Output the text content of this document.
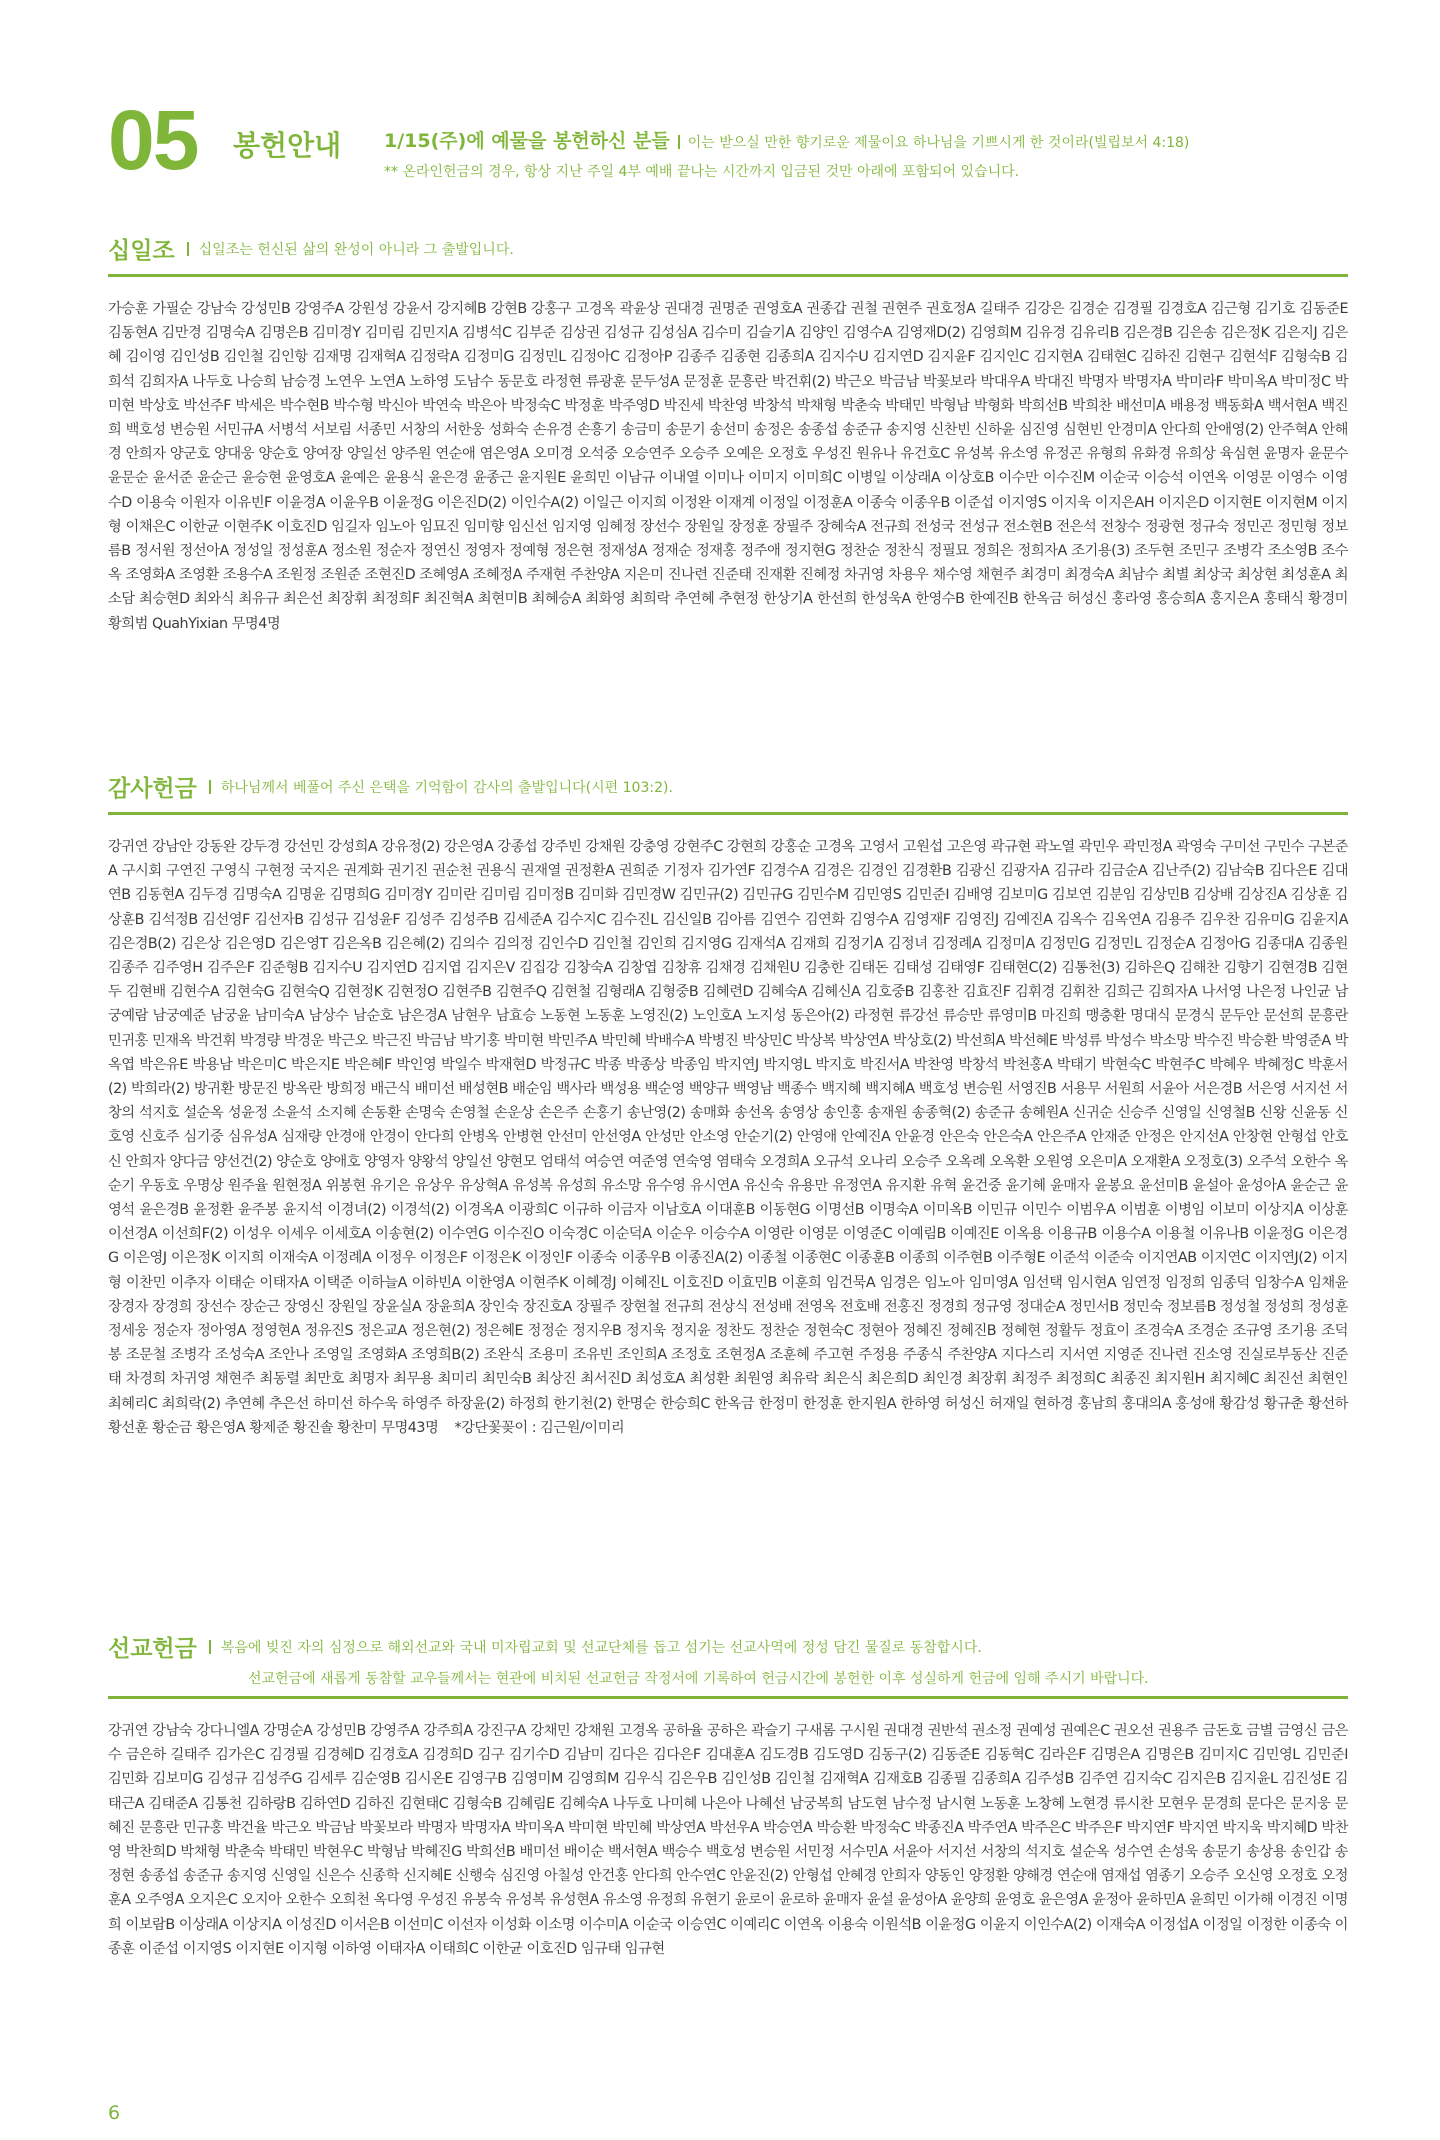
05 봉헌안내 1/15(주)에 예물을 봉헌하신 분들 이는 받으실 만한 향기로운 제물이요 하나님을 기쁘시게 한 것이라(빌립보서 4:18)
** 온라인헌금의 경우, 항상 지난 주일 4부 예배 끝나는 시간까지 입금된 것만 아래에 포함되어 있습니다.
십일조 십일조는 헌신된 삶의 완성이 아니라 그 출발입니다.
가승훈 가필순 강남숙 강성민B 강영주A 강원성 강윤서 강지혜B 강현B 강홍구 고경옥 곽윤상 권대경 권명준 권영호A 권종갑 권철 권현주 권호정A 길태주 김강은 김경순 김경필 김경호A 김근형 김기호 김동준E 김동현A 김만경 김명숙A 김명은B 김미경Y 김미림 김민지A 김병석C 김부준 김상권 김성규 김성심A 김수미 김슬기A 김양인 김영수A 김영재D(2) 김영희M 김유경 김유리B 김은경B 김은송 김은정K 김은지J 김은혜 김이영 김인성B 김인철 김인항 김재명 김재혁A 김정락A 김정미G 김정민L 김정아C 김정아P 김종주 김종현 김종희A 김지수U 김지연D 김지윤F 김지인C 김지현A 김태현C 김하진 김현구 김현석F 김형숙B 김희석 김희자A 나두호 나승희 남승경 노연우 노연A 노하영 도남수 동문호 라정현 류광훈 문두성A 문정훈 문흥란 박건휘(2) 박근오 박금남 박꽃보라 박대우A 박대진 박명자 박명자A 박미라F 박미옥A 박미정C 박미현 박상호 박선주F 박세은 박수현B 박수형 박신아 박연숙 박은아 박정숙C 박정훈 박주영D 박진세 박찬영 박창석 박채형 박춘숙 박태민 박형남 박형화 박희선B 박희찬 배선미A 배용정 백동화A 백서현A 백진희 백호성 변승원 서민규A 서병석 서보림 서종민 서창의 서한웅 성화숙 손유경 손흥기 송금미 송문기 송선미 송정은 송종섭 송준규 송지영 신찬빈 신하윤 심진영 심현빈 안경미A 안다희 안애영(2) 안주혁A 안해경 안희자 양군호 양대웅 양순호 양여장 양일선 양주원 연순애 염은영A 오미경 오석중 오승연주 오승주 오예은 오정호 우성진 원유나 유건호C 유성복 유소영 유정곤 유형희 유화경 유희상 육심현 윤명자 윤문수 윤문순 윤서준 윤순근 윤승현 윤영호A 윤예은 윤용식 윤은경 윤종근 윤지원E 윤희민 이남규 이내열 이미나 이미지 이미희C 이병일 이상래A 이상호B 이수만 이수진M 이순국 이승석 이연옥 이영문 이영수 이영수D 이용숙 이원자 이유빈F 이윤경A 이윤우B 이윤정G 이은진D(2) 이인수A(2) 이일근 이지희 이정완 이재계 이정일 이정훈A 이종숙 이종우B 이준섭 이지영S 이지욱 이지은AH 이지은D 이지현E 이지현M 이지형 이채은C 이한균 이현주K 이호진D 임길자 임노아 임묘진 임미향 임신선 임지영 임혜정 장선수 장원일 장정훈 장필주 장혜숙A 전규희 전성국 전성규 전소현B 전은석 전창수 정광현 정규숙 정민곤 정민형 정보름B 정서원 정선아A 정성일 정성훈A 정소원 정순자 정연신 정영자 정예형 정은현 정재성A 정재순 정재홍 정주애 정지현G 정찬순 정찬식 정필묘 정희은 정희자A 조기용(3) 조두현 조민구 조병각 조소영B 조수옥 조영화A 조영환 조용수A 조원정 조원준 조현진D 조혜영A 조혜정A 주재현 주찬양A 지은미 진나련 진준태 진재환 진혜정 차귀영 차용우 채수영 채현주 최경미 최경숙A 최남수 최별 최상국 최상현 최성훈A 최소담 최승현D 최와식 최유규 최은선 최장휘 최정희F 최진혁A 최현미B 최혜승A 최화영 최희락 추연혜 추현정 한상기A 한선희 한성욱A 한영수B 한예진B 한옥금 허성신 홍라영 홍승희A 홍지은A 홍태식 황경미 황희범 QuahYixian 무명4명
감사헌금 하나님께서 베풀어 주신 은택을 기억함이 감사의 출발입니다(시편 103:2).
강귀연 강남안 강동완 강두경 강선민 강성희A 강유정(2) 강은영A 강종섭 강주빈 강채원 강충영 강현주C 강현희 강홍순 고경옥 고영서 고원섭 고은영 곽규현 곽노열 곽민우 곽민정A 곽영숙 구미선 구민수 구본준A 구시회 구연진 구영식 구현정 국지은 권계화 권기진 권순천 권용식 권재열 권정환A 권희준 기정자 김가연F 김경수A 김경은 김경인 김경환B 김광신 김광자A 김규라 김금순A 김난주(2) 김남숙B 김다은E 김대연B 김동현A 김두경 김명숙A 김명윤 김명희G 김미경Y 김미란 김미림 김미정B 김미화 김민경W 김민규(2) 김민규G 김민수M 김민영S 김민준I 김배영 김보미G 김보연 김분임 김상민B 김상배 김상진A 김상훈 김상훈B 김석정B 김선영F 김선자B 김성규 김성윤F 김성주 김성주B 김세준A 김수지C 김수진L 김신일B 김아름 김연수 김연화 김영수A 김영재F 김영진J 김예진A 김옥수 김옥연A 김용주 김우찬 김유미G 김윤지A 김은경B(2) 김은상 김은영D 김은영T 김은옥B 김은혜(2) 김의수 김의정 김인수D 김인철 김인희 김지영G 김재석A 김재희 김정기A 김정녀 김정례A 김정미A 김정민G 김정민L 김정순A 김정아G 김종대A 김종원 김종주 김주영H 김주은F 김준형B 김지수U 김지연D 김지엽 김지은V 김집강 김창숙A 김창엽 김창휴 김채경 김채원U 김충한 김태돈 김태성 김태영F 김태현C(2) 김통천(3) 김하은Q 김해찬 김향기 김현경B 김현두 김현배 김현수A 김현숙G 김현숙Q 김현정K 김현정O 김현주B 김현주Q 김현철 김형래A 김형중B 김혜련D 김혜숙A 김혜신A 김호중B 김홍찬 김효진F 김휘경 김휘찬 김희근 김희자A 나서영 나은정 나인균 남궁예람 남궁예준 남궁윤 남미숙A 남상수 남순호 남은경A 남현우 남효승 노동현 노동훈 노영진(2) 노인호A 노지성 동은아(2) 라정현 류강선 류승만 류영미B 마진희 맹충환 명대식 문경식 문두안 문선희 문흥란 민귀홍 민재옥 박건휘 박경량 박경운 박근오 박근진 박금남 박기홍 박미현 박민주A 박민혜 박배수A 박병진 박상민C 박상복 박상연A 박상호(2) 박선희A 박선혜E 박성류 박성수 박소망 박수진 박승환 박영준A 박옥엽 박은유E 박용남 박은미C 박은지E 박은혜F 박인영 박일수 박재현D 박정규C 박종 박종상 박종임 박지연J 박지영L 박지호 박진서A 박찬영 박창석 박천홍A 박태기 박현숙C 박현주C 박혜우 박혜정C 박훈서(2) 박희라(2) 방귀환 방문진 방옥란 방희정 배근식 배미선 배성현B 배순임 백사라 백성용 백순영 백양규 백영남 백종수 백지혜 백지혜A 백호성 변승원 서영진B 서용무 서원희 서윤아 서은경B 서은영 서지선 서창의 석지호 설순옥 성윤정 소윤석 소지혜 손동환 손명숙 손영철 손운상 손은주 손홍기 송난영(2) 송매화 송선옥 송영상 송인홍 송재원 송종혁(2) 송준규 송혜원A 신귀순 신승주 신영일 신영철B 신왕 신윤동 신호영 신호주 심기중 심유성A 심재량 안경애 안경이 안다희 안병옥 안병현 안선미 안선영A 안성만 안소영 안순기(2) 안영애 안예진A 안윤경 안은숙 안은숙A 안은주A 안재준 안정은 안지선A 안창현 안형섭 안호신 안희자 양다금 양선건(2) 양순호 양애호 양영자 양왕석 양일선 양현모 엄태석 여승연 여준영 연숙영 염태숙 오경희A 오규석 오나리 오승주 오옥례 오옥환 오원영 오은미A 오재환A 오정호(3) 오주석 오한수 옥순기 우동호 우명상 원주율 원현정A 위봉현 유기은 유상우 유상혁A 유성복 유성희 유소망 유수영 유시연A 유신숙 유용만 유정연A 유지환 유혁 윤건중 윤기혜 윤매자 윤봉요 윤선미B 윤설아 윤성아A 윤순근 윤영석 윤은경B 윤정환 윤주봉 윤지석 이경녀(2) 이경석(2) 이경옥A 이광희C 이규하 이금자 이남호A 이대훈B 이동현G 이명선B 이명숙A 이미옥B 이민규 이민수 이범우A 이범훈 이병임 이보미 이상지A 이상훈 이선경A 이선희F(2) 이성우 이세우 이세호A 이송현(2) 이수연G 이수진O 이숙경C 이순덕A 이순우 이승수A 이영란 이영문 이영준C 이예림B 이예진E 이옥용 이용규B 이용수A 이용철 이유나B 이윤정G 이은경G 이은영J 이은정K 이지희 이재숙A 이정례A 이정우 이정은F 이정은K 이정인F 이종숙 이종우B 이종진A(2) 이종철 이종현C 이종훈B 이종희 이주현B 이주형E 이준석 이준숙 이지연AB 이지연C 이지연J(2) 이지형 이찬민 이추자 이태순 이태자A 이택준 이하늘A 이하빈A 이한영A 이현주K 이혜경J 이혜진L 이호진D 이효민B 이훈희 임건묵A 임경은 임노아 임미영A 임선택 임시현A 임연정 임정희 임종덕 임창수A 임채윤 장경자 장경희 장선수 장순근 장영신 장원일 장윤실A 장윤희A 장인숙 장진호A 장필주 장현철 전규희 전상식 전성배 전영옥 전호배 전홍진 정경희 정규영 정대순A 정민서B 정민숙 정보름B 정성철 정성희 정성훈 정세웅 정순자 정아영A 정영현A 정유진S 정은교A 정은현(2) 정은혜E 정정순 정지우B 정지욱 정지윤 정찬도 정찬순 정현숙C 정현아 정혜진 정혜진B 정혜현 정활두 정효이 조경숙A 조경순 조규영 조기용 조덕봉 조문철 조병각 조성숙A 조안나 조영일 조영화A 조영희B(2) 조완식 조용미 조유빈 조인희A 조정호 조현정A 조훈혜 주고현 주정용 주종식 주찬양A 지다스리 지서연 지영준 진나련 진소영 진실로부동산 진준태 차경희 차귀영 채현주 최동렬 최만호 최명자 최무용 최미리 최민숙B 최상진 최서진D 최성호A 최성환 최원영 최유락 최은식 최은희D 최인경 최장휘 최정주 최정희C 최종진 최지원H 최지혜C 최진선 최현인 최혜리C 최희락(2) 추연혜 추은선 하미선 하수욱 하영주 하장윤(2) 하정희 한기천(2) 한명순 한승희C 한옥금 한정미 한정훈 한지원A 한하영 허성신 허재일 현하경 홍남희 홍대의A 홍성애 황감성 황규춘 황선하 황선훈 황순금 황은영A 황제준 황진솔 황찬미 무명43명 *강단꽃꽂이 : 김근원/이미리
선교헌금 복음에 빚진 자의 심정으로 해외선교와 국내 미자립교회 및 선교단체를 돕고 섬기는 선교사역에 정성 담긴 물질로 동참합시다.
선교헌금에 새롭게 동참할 교우들께서는 현관에 비치된 선교헌금 작정서에 기록하여 헌금시간에 봉헌한 이후 성실하게 헌금에 임해 주시기 바랍니다.
강귀연 강남숙 강다니엘A 강명순A 강성민B 강영주A 강주희A 강진구A 강채민 강채원 고경옥 공하율 공하은 곽슬기 구새롬 구시원 권대경 권반석 권소정 권예성 권예은C 권오선 권용주 금돈호 금별 금영신 금은수 금은하 길태주 김가은C 김경필 김경혜D 김경호A 김경희D 김구 김기수D 김남미 김다은 김다은F 김대훈A 김도경B 김도영D 김동구(2) 김동준E 김동혁C 김라은F 김명은A 김명은B 김미지C 김민영L 김민준I 김민화 김보미G 김성규 김성주G 김세루 김순영B 김시온E 김영구B 김영미M 김영희M 김우식 김은우B 김인성B 김인철 김재혁A 김재호B 김종필 김종희A 김주성B 김주연 김지숙C 김지은B 김지윤L 김진성E 김태근A 김태준A 김통천 김하랑B 김하연D 김하진 김현태C 김형숙B 김혜림E 김혜숙A 나두호 나미혜 나은아 나혜선 남궁복희 남도현 남수정 남시현 노동훈 노창혜 노현경 류시찬 모현우 문경희 문다은 문지웅 문혜진 문흥란 민규홍 박건율 박근오 박금남 박꽃보라 박명자 박명자A 박미옥A 박미현 박민혜 박상연A 박선우A 박승연A 박승환 박정숙C 박종진A 박주연A 박주은C 박주은F 박지연F 박지연 박지욱 박지혜D 박찬영 박찬희D 박채형 박춘숙 박태민 박현우C 박형남 박혜진G 박희선B 배미선 배이순 백서현A 백승수 백호성 변승원 서민정 서수민A 서윤아 서지선 서창의 석지호 설순옥 성수연 손성욱 송문기 송상용 송인갑 송정현 송종섭 송준규 송지영 신영일 신은수 신종학 신지혜E 신행숙 심진영 아칠성 안건홍 안다희 안수연C 안윤진(2) 안형섭 안혜경 안희자 양동인 양정환 양해경 연순애 염재섭 염종기 오승주 오신영 오정호 오정훈A 오주영A 오지은C 오지아 오한수 오희천 옥다영 우성진 유봉숙 유성복 유성현A 유소영 유정희 유현기 윤로이 윤로하 윤매자 윤설 윤성아A 윤양희 윤영호 윤은영A 윤정아 윤하민A 윤희민 이가해 이경진 이명희 이보람B 이상래A 이상지A 이성진D 이서은B 이선미C 이선자 이성화 이소명 이수미A 이순국 이승연C 이예리C 이연옥 이용숙 이원석B 이윤정G 이윤지 이인수A(2) 이재숙A 이정섭A 이정일 이정한 이종숙 이종훈 이준섭 이지영S 이지현E 이지형 이하영 이태자A 이태희C 이한균 이호진D 임규태 임규현
6
